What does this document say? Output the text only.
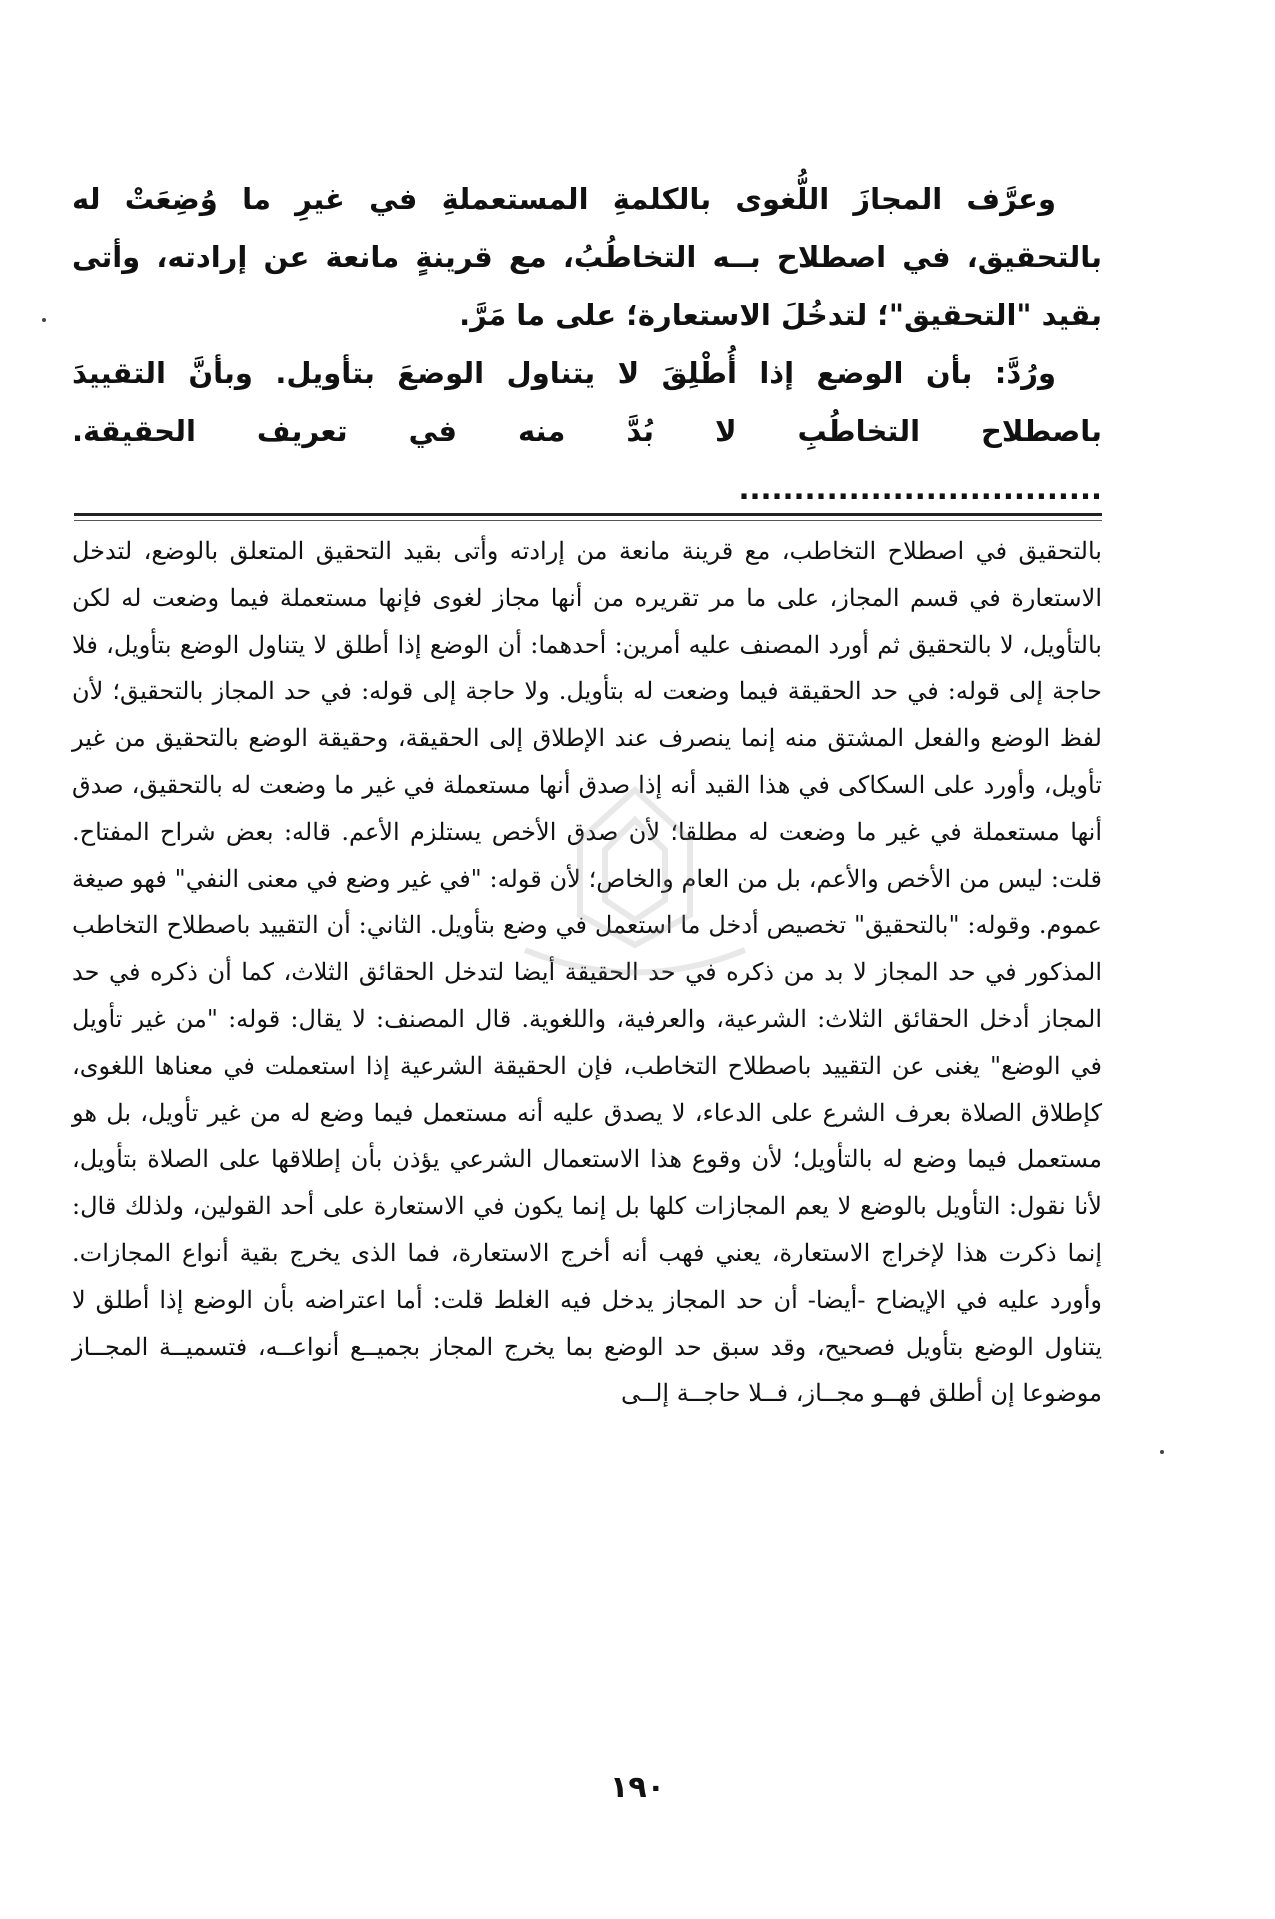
وعرَّف المجازَ اللُّغوى بالكلمةِ المستعملةِ في غيرِ ما وُضِعَتْ له بالتحقيق، في اصطلاح بــه التخاطُبُ، مع قرينةٍ مانعة عن إرادته، وأتى بقيد "التحقيق"؛ لتدخُلَ الاستعارة؛ على ما مَرَّ.

ورُدَّ: بأن الوضع إذا أُطْلِقَ لا يتناول الوضعَ بتأويل. وبأنَّ التقييدَ باصطلاح التخاطُبِ لا بُدَّ منه في تعريف الحقيقة. .................................

بالتحقيق في اصطلاح التخاطب، مع قرينة مانعة من إرادته وأتى بقيد التحقيق المتعلق بالوضع، لتدخل الاستعارة في قسم المجاز، على ما مر تقريره من أنها مجاز لغوى فإنها مستعملة فيما وضعت له لكن بالتأويل، لا بالتحقيق ثم أورد المصنف عليه أمرين: أحدهما: أن الوضع إذا أطلق لا يتناول الوضع بتأويل، فلا حاجة إلى قوله: في حد الحقيقة فيما وضعت له بتأويل. ولا حاجة إلى قوله: في حد المجاز بالتحقيق؛ لأن لفظ الوضع والفعل المشتق منه إنما ينصرف عند الإطلاق إلى الحقيقة، وحقيقة الوضع بالتحقيق من غير تأويل، وأورد على السكاكى في هذا القيد أنه إذا صدق أنها مستعملة في غير ما وضعت له بالتحقيق، صدق أنها مستعملة في غير ما وضعت له مطلقا؛ لأن صدق الأخص يستلزم الأعم. قاله: بعض شراح المفتاح. قلت: ليس من الأخص والأعم، بل من العام والخاص؛ لأن قوله: "في غير وضع في معنى النفي" فهو صيغة عموم. وقوله: "بالتحقيق" تخصيص أدخل ما استعمل في وضع بتأويل. الثاني: أن التقييد باصطلاح التخاطب المذكور في حد المجاز لا بد من ذكره في حد الحقيقة أيضا لتدخل الحقائق الثلاث، كما أن ذكره في حد المجاز أدخل الحقائق الثلاث: الشرعية، والعرفية، واللغوية. قال المصنف: لا يقال: قوله: "من غير تأويل في الوضع" يغنى عن التقييد باصطلاح التخاطب، فإن الحقيقة الشرعية إذا استعملت في معناها اللغوى، كإطلاق الصلاة بعرف الشرع على الدعاء، لا يصدق عليه أنه مستعمل فيما وضع له من غير تأويل، بل هو مستعمل فيما وضع له بالتأويل؛ لأن وقوع هذا الاستعمال الشرعي يؤذن بأن إطلاقها على الصلاة بتأويل، لأنا نقول: التأويل بالوضع لا يعم المجازات كلها بل إنما يكون في الاستعارة على أحد القولين، ولذلك قال: إنما ذكرت هذا لإخراج الاستعارة، يعني فهب أنه أخرج الاستعارة، فما الذى يخرج بقية أنواع المجازات. وأورد عليه في الإيضاح -أيضا- أن حد المجاز يدخل فيه الغلط قلت: أما اعتراضه بأن الوضع إذا أطلق لا يتناول الوضع بتأويل فصحيح، وقد سبق حد الوضع بما يخرج المجاز بجميــع أنواعــه، فتسميــة المجــاز موضوعا إن أطلق فهــو مجــاز، فــلا حاجــة إلــى

١٩٠
